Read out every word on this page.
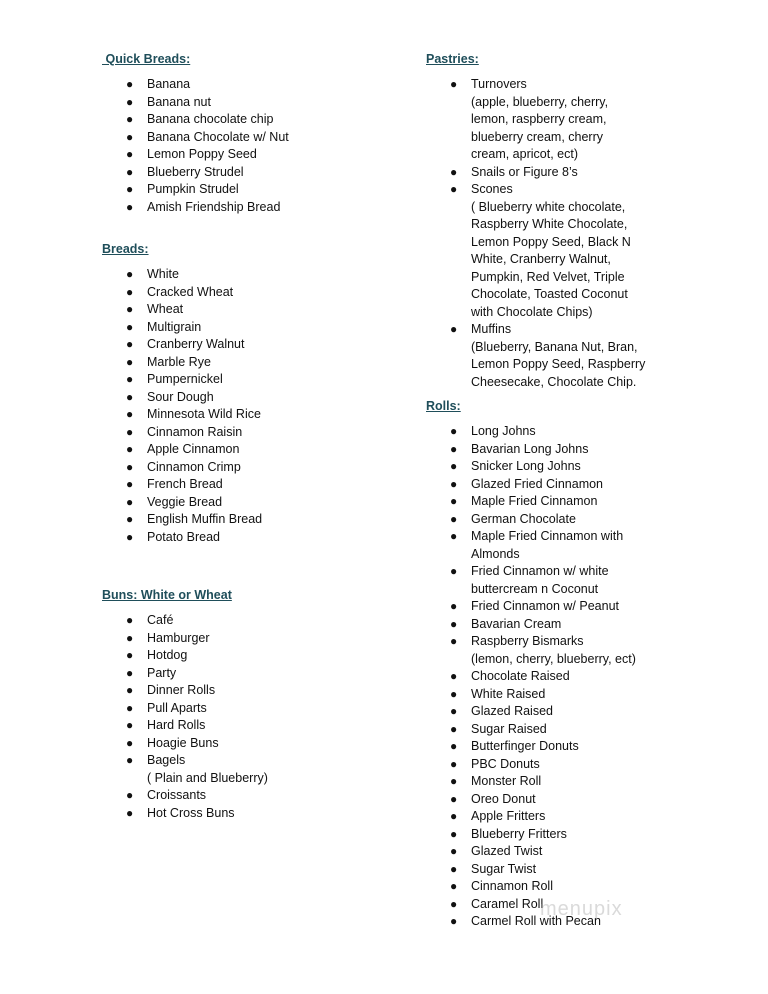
Quick Breads:
● Banana
● Banana nut
● Banana chocolate chip
● Banana Chocolate w/ Nut
● Lemon Poppy Seed
● Blueberry Strudel
● Pumpkin Strudel
● Amish Friendship Bread
Breads:
● White
● Cracked Wheat
● Wheat
● Multigrain
● Cranberry Walnut
● Marble Rye
● Pumpernickel
● Sour Dough
● Minnesota Wild Rice
● Cinnamon Raisin
● Apple Cinnamon
● Cinnamon Crimp
● French Bread
● Veggie Bread
● English Muffin Bread
● Potato Bread
Buns: White or Wheat
● Café
● Hamburger
● Hotdog
● Party
● Dinner Rolls
● Pull Aparts
● Hard Rolls
● Hoagie Buns
● Bagels
( Plain and Blueberry)
● Croissants
● Hot Cross Buns
Pastries:
● Turnovers
(apple, blueberry, cherry,
lemon, raspberry cream,
blueberry cream, cherry
cream, apricot, ect)
● Snails or Figure 8’s
● Scones
( Blueberry white chocolate,
Raspberry White Chocolate,
Lemon Poppy Seed, Black N
White, Cranberry Walnut,
Pumpkin, Red Velvet, Triple
Chocolate, Toasted Coconut
with Chocolate Chips)
● Muffins
(Blueberry, Banana Nut, Bran,
Lemon Poppy Seed, Raspberry
Cheesecake, Chocolate Chip.
Rolls:
● Long Johns
● Bavarian Long Johns
● Snicker Long Johns
● Glazed Fried Cinnamon
● Maple Fried Cinnamon
● German Chocolate
● Maple Fried Cinnamon with
Almonds
● Fried Cinnamon w/ white
buttercream n Coconut
● Fried Cinnamon w/ Peanut
● Bavarian Cream
● Raspberry Bismarks
(lemon, cherry, blueberry, ect)
● Chocolate Raised
● White Raised
● Glazed Raised
● Sugar Raised
● Butterfinger Donuts
● PBC Donuts
● Monster Roll
● Oreo Donut
● Apple Fritters
● Blueberry Fritters
● Glazed Twist
● Sugar Twist
● Cinnamon Roll
● Caramel Roll
● Carmel Roll with Pecan
menupix
